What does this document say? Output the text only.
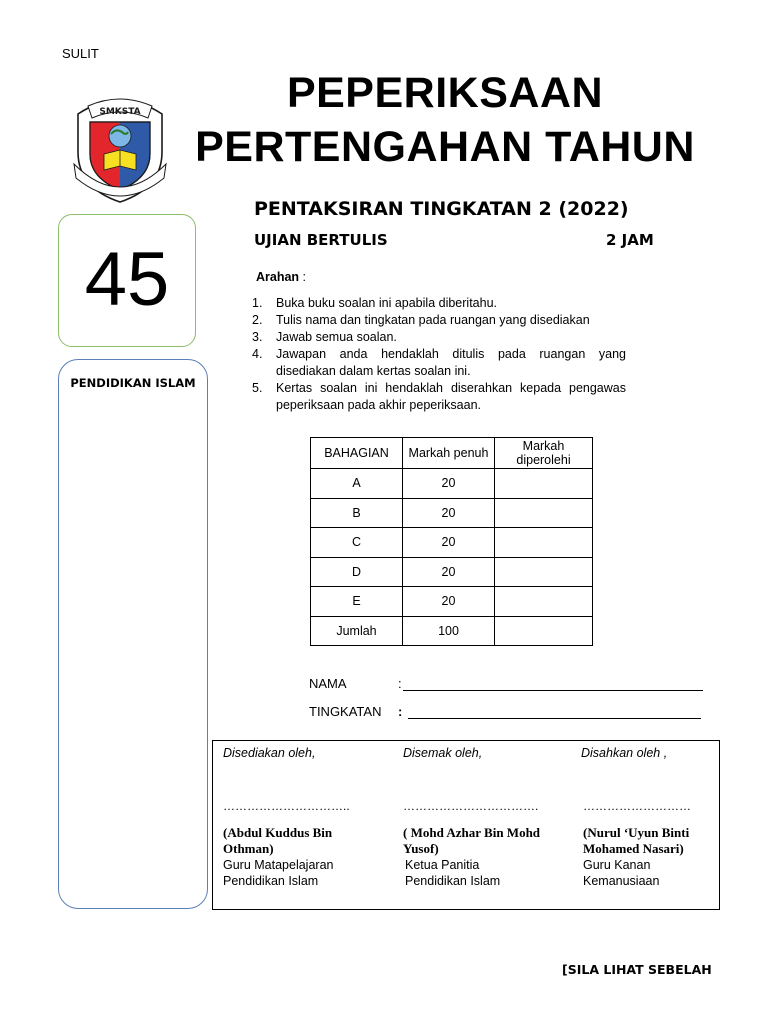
SULIT
SMKSTA	PEPERIKSAAN
PERTENGAHAN TAHUN
45
PENDIDIKAN ISLAM
PENTAKSIRAN TINGKATAN 2 (2022)
UJIAN BERTULIS	2 JAM
Arahan :
1.	Buka buku soalan ini apabila diberitahu.
2.	Tulis nama dan tingkatan pada ruangan yang disediakan
3.	Jawab semua soalan.
4.	Jawapan anda hendaklah ditulis pada ruangan yang disediakan dalam kertas soalan ini.
5.	Kertas soalan ini hendaklah diserahkan kepada pengawas peperiksaan pada akhir peperiksaan.
BAHAGIAN	Markah penuh	Markah diperolehi
A	20	
B	20	
C	20	
D	20	
E	20	
Jumlah	100	
NAMA	:
TINGKATAN :
Disediakan oleh,
…………………………..
(Abdul Kuddus Bin Othman)
Guru Matapelajaran
Pendidikan Islam
Disemak oleh,
…………………………….
( Mohd Azhar Bin Mohd Yusof)
Ketua Panitia
Pendidikan Islam
Disahkan oleh ,
………………………
(Nurul ‘Uyun Binti Mohamed Nasari)
Guru Kanan
Kemanusiaan
[SILA LIHAT SEBELAH
